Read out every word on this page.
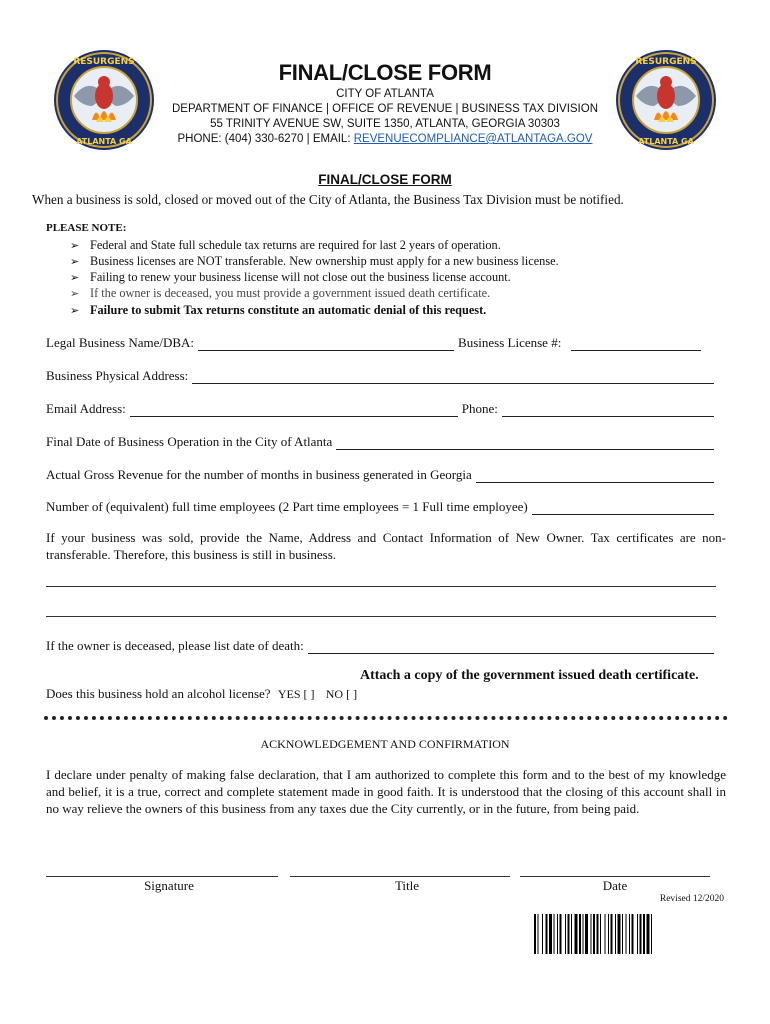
RESURGENS
ATLANTA GA
RESURGENS
ATLANTA GA
FINAL/CLOSE FORM
CITY OF ATLANTA
DEPARTMENT OF FINANCE | OFFICE OF REVENUE | BUSINESS TAX DIVISION
55 TRINITY AVENUE SW, SUITE 1350, ATLANTA, GEORGIA 30303
PHONE: (404) 330-6270 | EMAIL: REVENUECOMPLIANCE@ATLANTAGA.GOV
FINAL/CLOSE FORM
When a business is sold, closed or moved out of the City of Atlanta, the Business Tax Division must be notified.
PLEASE NOTE:
➢ Federal and State full schedule tax returns are required for last 2 years of operation.
➢ Business licenses are NOT transferable. New ownership must apply for a new business license.
➢ Failing to renew your business license will not close out the business license account.
➢ If the owner is deceased, you must provide a government issued death certificate.
➢ Failure to submit Tax returns constitute an automatic denial of this request.
Legal Business Name/DBA:	Business License #:
Business Physical Address:
Email Address:	Phone:
Final Date of Business Operation in the City of Atlanta
Actual Gross Revenue for the number of months in business generated in Georgia
Number of (equivalent) full time employees (2 Part time employees = 1 Full time employee)
If your business was sold, provide the Name, Address and Contact Information of New Owner. Tax certificates are non-transferable. Therefore, this business is still in business.
If the owner is deceased, please list date of death:
Attach a copy of the government issued death certificate.
Does this business hold an alcohol license? YES [ ] NO [ ]
ACKNOWLEDGEMENT AND CONFIRMATION
I declare under penalty of making false declaration, that I am authorized to complete this form and to the best of my knowledge and belief, it is a true, correct and complete statement made in good faith. It is understood that the closing of this account shall in no way relieve the owners of this business from any taxes due the City currently, or in the future, from being paid.
Signature	Title	Date
Revised 12/2020
